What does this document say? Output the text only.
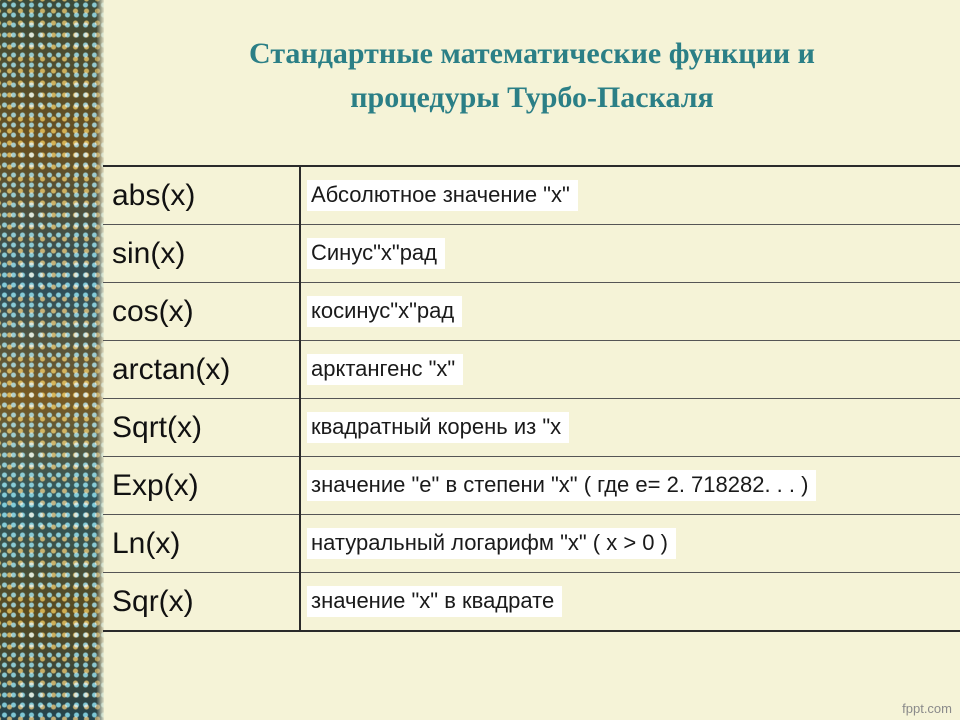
Стандартные математические функции и
процедуры Турбо-Паскаля
abs(x)	Абсолютное значение "x"
sin(x)	Синус"x"рад
cos(x)	косинус"x"рад
arctan(x)	арктангенс "x"
Sqrt(x)	квадратный корень из "x
Exp(x)	значение "e" в степени "x" ( где e= 2. 718282. . . )
Ln(x)	натуральный логарифм "x" ( x > 0 )
Sqr(x)	значение "x" в квадрате
fppt.com
